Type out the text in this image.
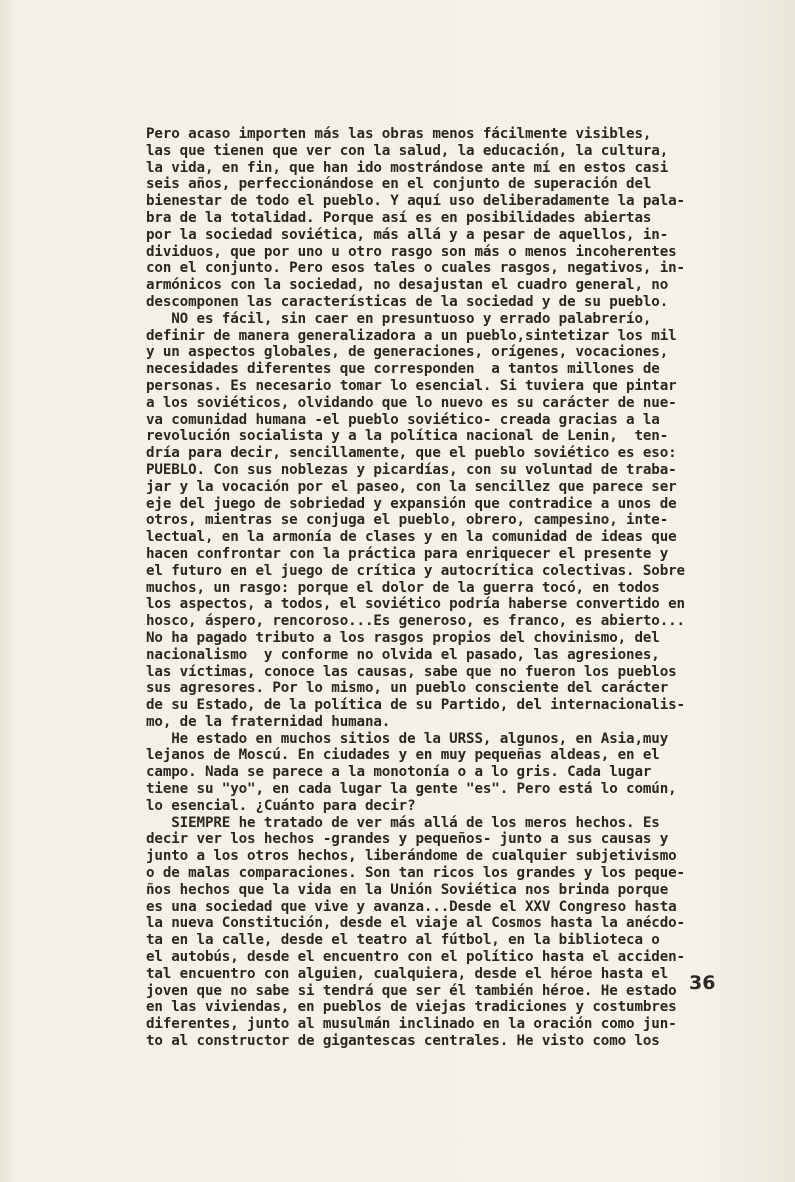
Pero acaso importen más las obras menos fácilmente visibles,
las que tienen que ver con la salud, la educación, la cultura,
la vida, en fin, que han ido mostrándose ante mí en estos casi
seis años, perfeccionándose en el conjunto de superación del
bienestar de todo el pueblo. Y aquí uso deliberadamente la pala-
bra de la totalidad. Porque así es en posibilidades abiertas
por la sociedad soviética, más allá y a pesar de aquellos, in-
dividuos, que por uno u otro rasgo son más o menos incoherentes
con el conjunto. Pero esos tales o cuales rasgos, negativos, in-
armónicos con la sociedad, no desajustan el cuadro general, no
descomponen las características de la sociedad y de su pueblo.
NO es fácil, sin caer en presuntuoso y errado palabrerío,
definir de manera generalizadora a un pueblo,sintetizar los mil
y un aspectos globales, de generaciones, orígenes, vocaciones,
necesidades diferentes que corresponden  a tantos millones de
personas. Es necesario tomar lo esencial. Si tuviera que pintar
a los soviéticos, olvidando que lo nuevo es su carácter de nue-
va comunidad humana -el pueblo soviético- creada gracias a la
revolución socialista y a la política nacional de Lenin,  ten-
dría para decir, sencillamente, que el pueblo soviético es eso:
PUEBLO. Con sus noblezas y picardías, con su voluntad de traba-
jar y la vocación por el paseo, con la sencillez que parece ser
eje del juego de sobriedad y expansión que contradice a unos de
otros, mientras se conjuga el pueblo, obrero, campesino, inte-
lectual, en la armonía de clases y en la comunidad de ideas que
hacen confrontar con la práctica para enriquecer el presente y
el futuro en el juego de crítica y autocrítica colectivas. Sobre
muchos, un rasgo: porque el dolor de la guerra tocó, en todos
los aspectos, a todos, el soviético podría haberse convertido en
hosco, áspero, rencoroso...Es generoso, es franco, es abierto...
No ha pagado tributo a los rasgos propios del chovinismo, del
nacionalismo  y conforme no olvida el pasado, las agresiones,
las víctimas, conoce las causas, sabe que no fueron los pueblos
sus agresores. Por lo mismo, un pueblo consciente del carácter
de su Estado, de la política de su Partido, del internacionalis-
mo, de la fraternidad humana.
He estado en muchos sitios de la URSS, algunos, en Asia,muy
lejanos de Moscú. En ciudades y en muy pequeñas aldeas, en el
campo. Nada se parece a la monotonía o a lo gris. Cada lugar
tiene su "yo", en cada lugar la gente "es". Pero está lo común,
lo esencial. ¿Cuánto para decir?
SIEMPRE he tratado de ver más allá de los meros hechos. Es
decir ver los hechos -grandes y pequeños- junto a sus causas y
junto a los otros hechos, liberándome de cualquier subjetivismo
o de malas comparaciones. Son tan ricos los grandes y los peque-
ños hechos que la vida en la Unión Soviética nos brinda porque
es una sociedad que vive y avanza...Desde el XXV Congreso hasta
la nueva Constitución, desde el viaje al Cosmos hasta la anécdo-
ta en la calle, desde el teatro al fútbol, en la biblioteca o
el autobús, desde el encuentro con el político hasta el acciden-
tal encuentro con alguien, cualquiera, desde el héroe hasta el
joven que no sabe si tendrá que ser él también héroe. He estado
en las viviendas, en pueblos de viejas tradiciones y costumbres
diferentes, junto al musulmán inclinado en la oración como jun-
to al constructor de gigantescas centrales. He visto como los
36
